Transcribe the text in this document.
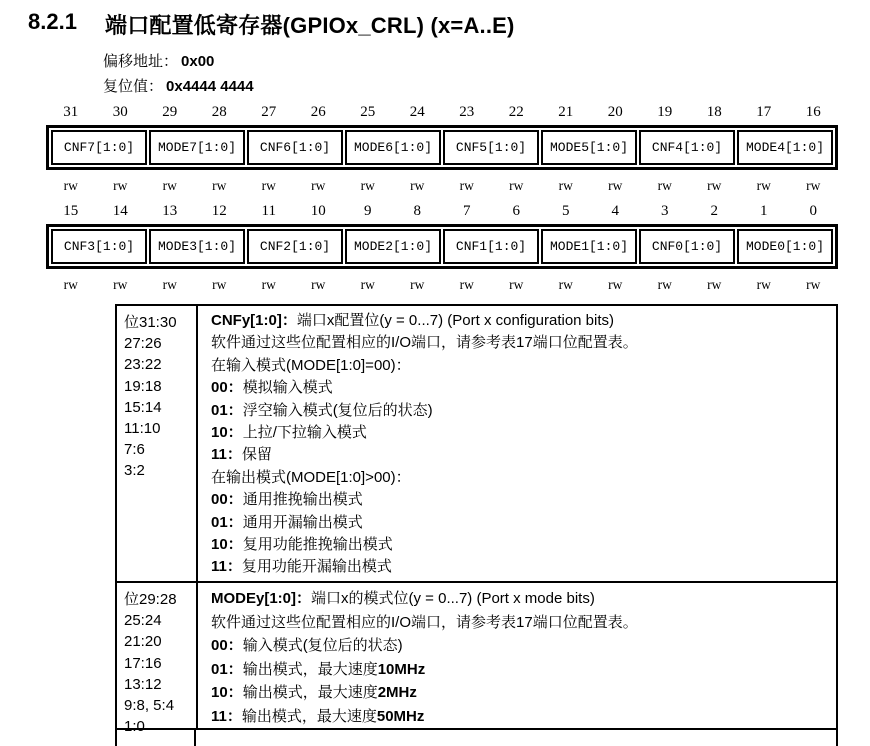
8.2.1 端口配置低寄存器(GPIOx_CRL) (x=A..E)
偏移地址： 0x00
复位值： 0x4444 4444
31	30	29	28	27	26	25	24	23	22	21	20	19	18	17	16
CNF7[1:0]	MODE7[1:0]	CNF6[1:0]	MODE6[1:0]	CNF5[1:0]	MODE5[1:0]	CNF4[1:0]	MODE4[1:0]
rw	rw	rw	rw	rw	rw	rw	rw	rw	rw	rw	rw	rw	rw	rw	rw
15	14	13	12	11	10	9	8	7	6	5	4	3	2	1	0
CNF3[1:0]	MODE3[1:0]	CNF2[1:0]	MODE2[1:0]	CNF1[1:0]	MODE1[1:0]	CNF0[1:0]	MODE0[1:0]
rw	rw	rw	rw	rw	rw	rw	rw	rw	rw	rw	rw	rw	rw	rw	rw
位31:30
27:26
23:22
19:18
15:14
11:10
7:6
3:2
CNFy[1:0]：端口x配置位(y = 0...7) (Port x configuration bits)
软件通过这些位配置相应的I/O端口，请参考表17端口位配置表。
在输入模式(MODE[1:0]=00)：
00：模拟输入模式
01：浮空输入模式(复位后的状态)
10：上拉/下拉输入模式
11：保留
在输出模式(MODE[1:0]>00)：
00：通用推挽输出模式
01：通用开漏输出模式
10：复用功能推挽输出模式
11：复用功能开漏输出模式
位29:28
25:24
21:20
17:16
13:12
9:8, 5:4
1:0
MODEy[1:0]：端口x的模式位(y = 0...7) (Port x mode bits)
软件通过这些位配置相应的I/O端口，请参考表17端口位配置表。
00：输入模式(复位后的状态)
01：输出模式，最大速度10MHz
10：输出模式，最大速度2MHz
11：输出模式，最大速度50MHz
